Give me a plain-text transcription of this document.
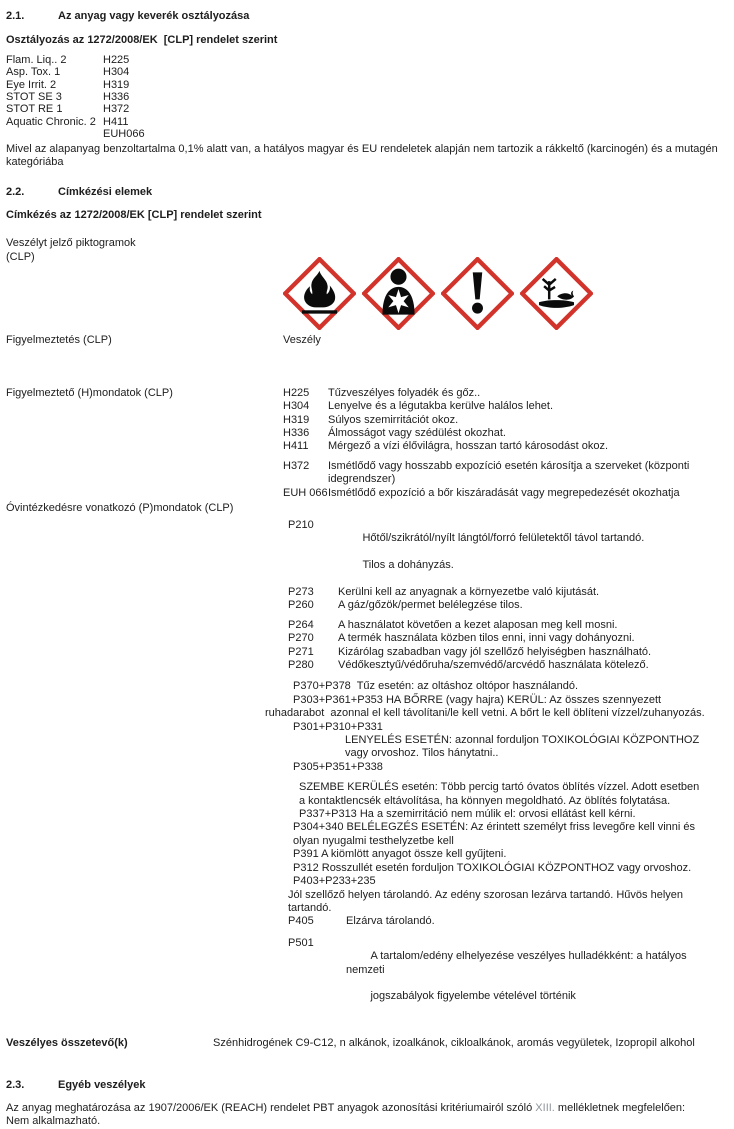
2.1.	Az anyag vagy keverék osztályozása
Osztályozás az 1272/2008/EK  [CLP] rendelet szerint
Flam. Liq.. 2	H225
Asp. Tox. 1	H304
Eye Irrit. 2	H319
STOT SE 3	H336
STOT RE 1	H372
Aquatic Chronic. 2 H411
EUH066
Mivel az alapanyag benzoltartalma 0,1% alatt van, a hatályos magyar és EU rendeletek alapján nem tartozik a rákkeltő (karcinogén) és a mutagén kategóriába
2.2.	Címkézési elemek
Címkézés az 1272/2008/EK [CLP] rendelet szerint
Veszélyt jelző piktogramok
(CLP)
Figyelmeztetés (CLP)	Veszély
Figyelmeztető (H)mondatok (CLP)	H225	Tűzveszélyes folyadék és gőz..
H304	Lenyelve és a légutakba kerülve halálos lehet.
H319	Súlyos szemirritációt okoz.
H336	Álmosságot vagy szédülést okozhat.
H411	Mérgező a vízi élővilágra, hosszan tartó károsodást okoz.
H372	Ismétlődő vagy hosszabb expozíció esetén károsítja a szerveket (központi idegrendszer)
EUH 066 Ismétlődő expozíció a bőr kiszáradását vagy megrepedezését okozhatja
Óvintézkedésre vonatkozó (P)mondatok (CLP)
P210

Hőtől/szikrától/nyílt lángtól/forró felületektől távol tartandó.

Tilos a dohányzás.

P273	Kerülni kell az anyagnak a környezetbe való kijutását.
P260	A gáz/gőzök/permet belélegzése tilos.
P264	A használatot követően a kezet alaposan meg kell mosni.
P270	A termék használata közben tilos enni, inni vagy dohányozni.
P271	Kizárólag szabadban vagy jól szellőző helyiségben használható.
P280	Védőkesztyű/védőruha/szemvédő/arcvédő használata kötelező.
P370+P378  Tűz esetén: az oltáshoz oltópor használandó.
P303+P361+P353 HA BŐRRE (vagy hajra) KERÜL: Az összes szennyezett
ruhadarabot  azonnal el kell távolítani/le kell vetni. A bőrt le kell öblíteni vízzel/zuhanyozás.
P301+P310+P331
LENYELÉS ESETÉN: azonnal forduljon TOXIKOLÓGIAI KÖZPONTHOZ
vagy orvoshoz. Tilos hánytatni..
P305+P351+P338
SZEMBE KERÜLÉS esetén: Több percig tartó óvatos öblítés vízzel. Adott esetben
a kontaktlencsék eltávolítása, ha könnyen megoldható. Az öblítés folytatása.
P337+P313 Ha a szemirritáció nem múlik el: orvosi ellátást kell kérni.
P304+340 BELÉLEGZÉS ESETÉN: Az érintett személyt friss levegőre kell vinni és
olyan nyugalmi testhelyzetbe kell
P391 A kiömlött anyagot össze kell gyűjteni.
P312 Rosszullét esetén forduljon TOXIKOLÓGIAI KÖZPONTHOZ vagy orvoshoz.
P403+P233+235
Jól szellőző helyen tárolandó. Az edény szorosan lezárva tartandó. Hűvös helyen
tartandó.
P405	Elzárva tárolandó.
P501

A tartalom/edény elhelyezése veszélyes hulladékként: a hatályos nemzeti

jogszabályok figyelembe vételével történik

Veszélyes összetevő(k)	Szénhidrogének C9-C12, n alkánok, izoalkánok, cikloalkánok, aromás vegyületek, Izopropil alkohol
2.3.	Egyéb veszélyek
Az anyag meghatározása az 1907/2006/EK (REACH) rendelet PBT anyagok azonosítási kritériumairól szóló XIII. mellékletnek megfelelően:
Nem alkalmazható.
